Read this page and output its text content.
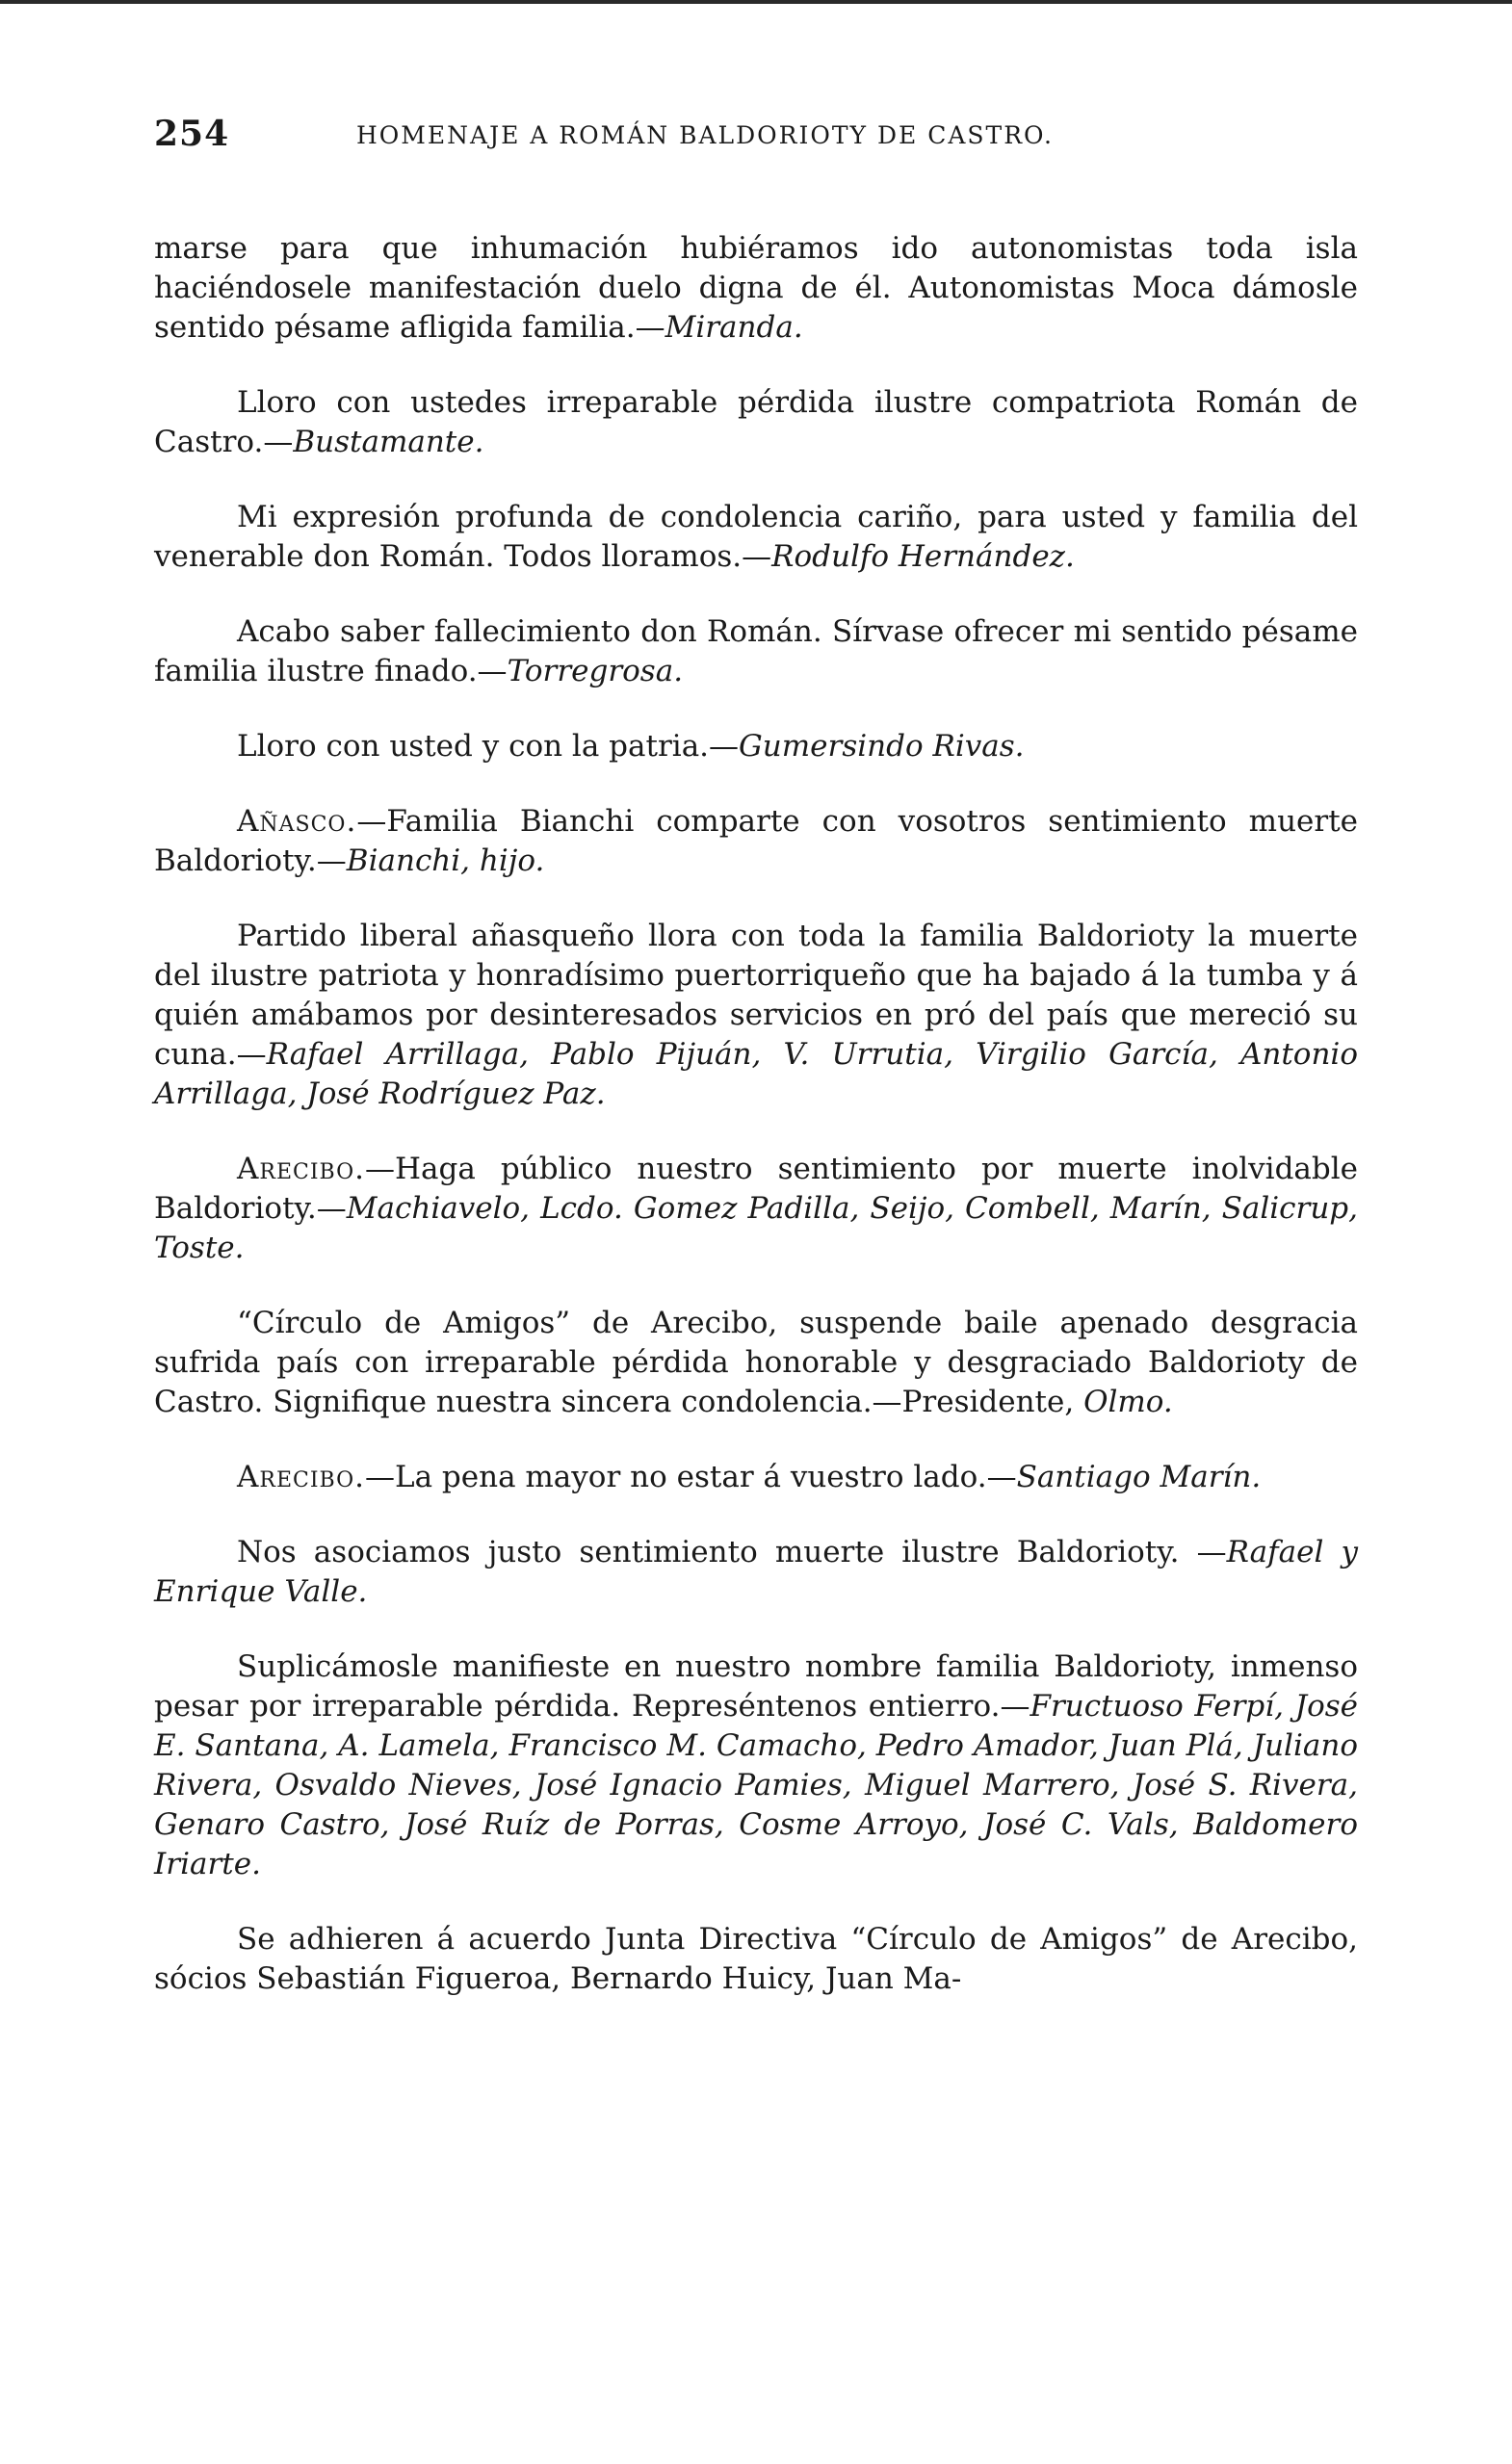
254	HOMENAJE A ROMÁN BALDORIOTY DE CASTRO.

marse para que inhumación hubiéramos ido autonomistas toda isla haciéndosele manifestación duelo digna de él. Autonomistas Moca dámosle sentido pésame afligida familia.—Miranda.

Lloro con ustedes irreparable pérdida ilustre compatriota Román de Castro.—Bustamante.

Mi expresión profunda de condolencia cariño, para usted y familia del venerable don Román. Todos lloramos.—Rodulfo Hernández.

Acabo saber fallecimiento don Román. Sírvase ofrecer mi sentido pésame familia ilustre finado.—Torregrosa.

Lloro con usted y con la patria.—Gumersindo Rivas.

Añasco.—Familia Bianchi comparte con vosotros sentimiento muerte Baldorioty.—Bianchi, hijo.

Partido liberal añasqueño llora con toda la familia Baldorioty la muerte del ilustre patriota y honradísimo puertorriqueño que ha bajado á la tumba y á quién amábamos por desinteresados servicios en pró del país que mereció su cuna.—Rafael Arrillaga, Pablo Pijuán, V. Urrutia, Virgilio García, Antonio Arrillaga, José Rodríguez Paz.

Arecibo.—Haga público nuestro sentimiento por muerte inolvidable Baldorioty.—Machiavelo, Lcdo. Gomez Padilla, Seijo, Combell, Marín, Salicrup, Toste.

“Círculo de Amigos” de Arecibo, suspende baile apenado desgracia sufrida país con irreparable pérdida honorable y desgraciado Baldorioty de Castro. Signifique nuestra sincera condolencia.—Presidente, Olmo.

Arecibo.—La pena mayor no estar á vuestro lado.—Santiago Marín.

Nos asociamos justo sentimiento muerte ilustre Baldorioty. —Rafael y Enrique Valle.

Suplicámosle manifieste en nuestro nombre familia Baldorioty, inmenso pesar por irreparable pérdida. Represéntenos entierro.—Fructuoso Ferpí, José E. Santana, A. Lamela, Francisco M. Camacho, Pedro Amador, Juan Plá, Juliano Rivera, Osvaldo Nieves, José Ignacio Pamies, Miguel Marrero, José S. Rivera, Genaro Castro, José Ruíz de Porras, Cosme Arroyo, José C. Vals, Baldomero Iriarte.

Se adhieren á acuerdo Junta Directiva “Círculo de Amigos” de Arecibo, sócios Sebastián Figueroa, Bernardo Huicy, Juan Ma-
